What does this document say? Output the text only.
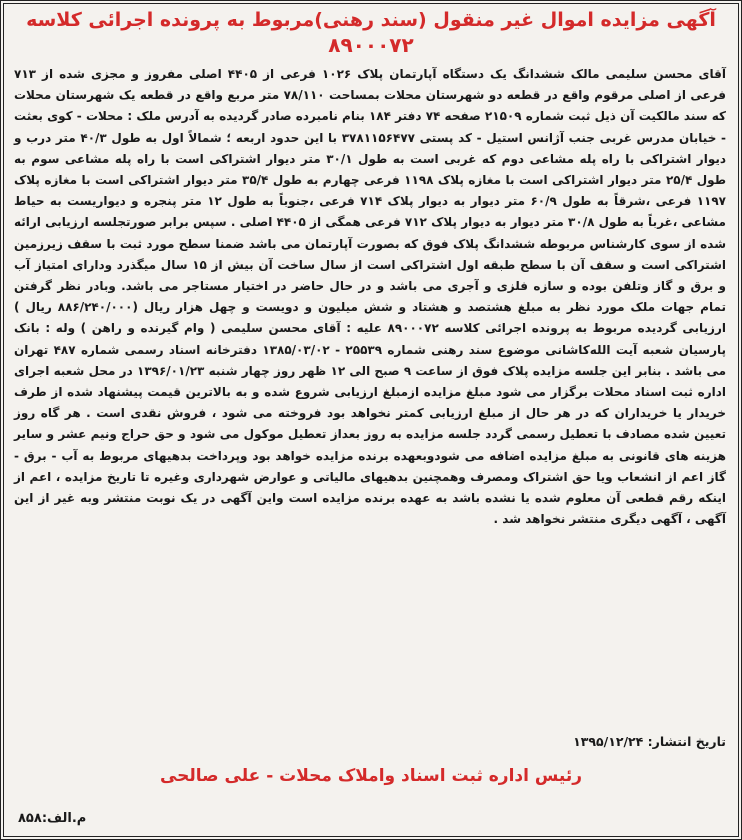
آگهی مزایده اموال غیر منقول (سند رهنی)مربوط به پرونده اجرائی کلاسه
۸۹۰۰۰۷۲

آقای محسن سلیمی مالک ششدانگ یک دستگاه آپارتمان پلاک ۱۰۲۶ فرعی از ۴۴۰۵ اصلی مفروز و مجزی شده از ۷۱۳ فرعی از اصلی مرقوم واقع در قطعه دو شهرستان محلات بمساحت ۷۸/۱۱۰ متر مربع واقع در قطعه یک شهرستان محلات که سند مالکیت آن ذیل ثبت شماره ۲۱۵۰۹ صفحه ۷۴ دفتر ۱۸۴ بنام نامبرده صادر گردیده به آدرس ملک : محلات - کوی بعثت - خیابان مدرس غربی جنب آژانس استیل - کد پستی ۳۷۸۱۱۵۶۴۷۷ با این حدود اربعه ؛ شمالاً اول به طول ۴۰/۳ متر درب و دیوار اشتراکی با راه پله مشاعی دوم که غربی است به طول ۳۰/۱ متر دیوار اشتراکی است با راه پله مشاعی سوم به طول ۲۵/۴ متر دیوار اشتراکی است با مغازه پلاک ۱۱۹۸ فرعی چهارم به طول ۳۵/۴ متر دیوار اشتراکی است با مغازه پلاک ۱۱۹۷ فرعی ،شرقاً به طول ۶۰/۹ متر دیوار به دیوار پلاک ۷۱۴ فرعی ،جنوباً به طول ۱۲ متر پنجره و دیواریست به حیاط مشاعی ،غرباً به طول ۳۰/۸ متر دیوار به دیوار پلاک ۷۱۲ فرعی همگی از ۴۴۰۵ اصلی . سپس برابر صورتجلسه ارزیابی ارائه شده از سوی کارشناس مربوطه ششدانگ پلاک فوق که بصورت آپارتمان می باشد ضمنا سطح مورد ثبت با سقف زیرزمین اشتراکی است و سقف آن با سطح طبقه اول اشتراکی است از سال ساخت آن بیش از ۱۵ سال میگذرد ودارای امتیاز آب و برق و گاز وتلفن بوده و سازه فلزی و آجری می باشد و در حال حاضر در اختیار مستاجر می باشد. وبادر نظر گرفتن تمام جهات ملک مورد نظر به مبلغ هشتصد و هشتاد و شش میلیون و دویست و چهل هزار ریال (۸۸۶/۲۴۰/۰۰۰ ریال ) ارزیابی گردیده مربوط به پرونده اجرائی کلاسه ۸۹۰۰۰۷۲ علیه : آقای محسن سلیمی ( وام گیرنده و راهن ) وله : بانک پارسیان شعبه آیت الله‌کاشانی موضوع سند رهنی شماره ۲۵۵۳۹ - ۱۳۸۵/۰۳/۰۲ دفترخانه اسناد رسمی شماره ۴۸۷ تهران می باشد . بنابر این جلسه مزایده پلاک فوق از ساعت ۹ صبح الی ۱۲ ظهر روز چهار شنبه ۱۳۹۶/۰۱/۲۳ در محل شعبه اجرای اداره ثبت اسناد محلات برگزار می شود مبلغ مزایده ازمبلغ ارزیابی شروع شده و به بالاترین قیمت پیشنهاد شده از طرف خریدار یا خریداران که در هر حال از مبلغ ارزیابی کمتر نخواهد بود فروخته می شود ، فروش نقدی است . هر گاه روز تعیین شده مصادف با تعطیل رسمی گردد جلسه مزایده به روز بعداز تعطیل موکول می شود و حق حراج ونیم عشر و سایر هزینه های قانونی به مبلغ مزایده اضافه می شودوبعهده برنده مزایده خواهد بود وپرداخت بدهیهای مربوط به آب - برق - گاز اعم از انشعاب ویا حق اشتراک ومصرف وهمچنین بدهیهای مالیاتی و عوارض شهرداری وغیره تا تاریخ مزایده ، اعم از اینکه رقم قطعی آن معلوم شده یا نشده باشد به عهده برنده مزایده است واین آگهی در یک نوبت منتشر وبه غیر از این آگهی ، آگهی دیگری منتشر نخواهد شد .

تاریخ انتشار: ۱۳۹۵/۱۲/۲۴

رئیس اداره ثبت اسناد واملاک محلات - علی صالحی

م.الف:۸۵۸
